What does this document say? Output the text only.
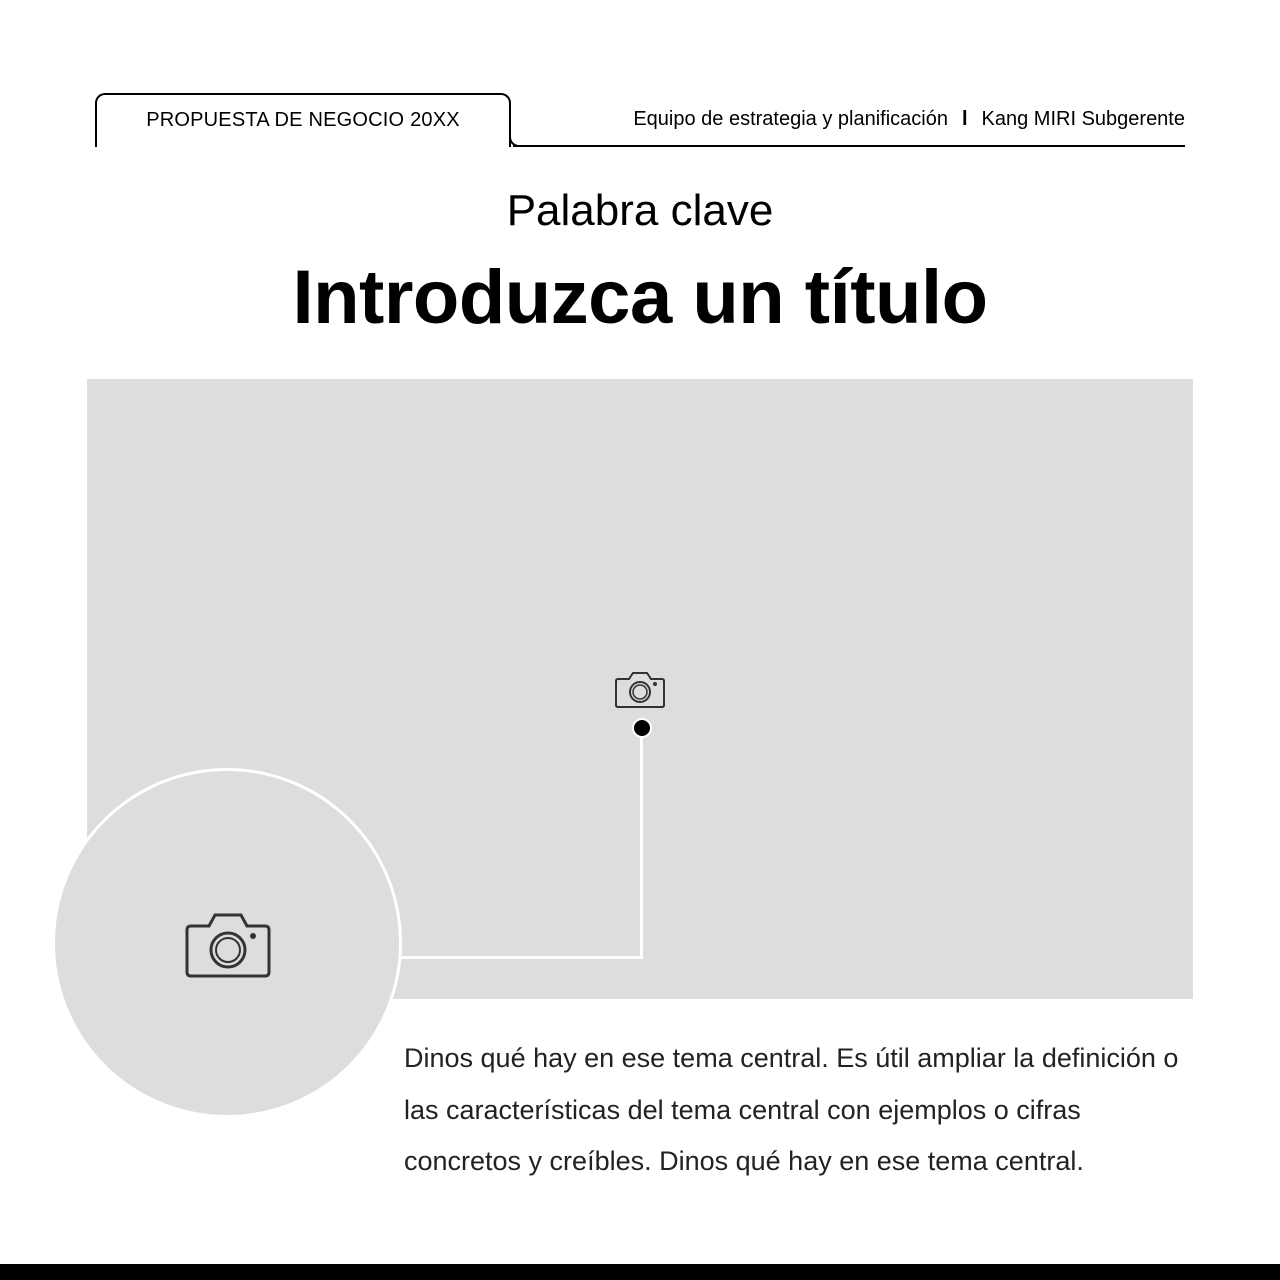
PROPUESTA DE NEGOCIO 20XX	Equipo de estrategia y planificación l Kang MIRI Subgerente
Palabra clave
Introduzca un título
Dinos qué hay en ese tema central. Es útil ampliar la definición o las características del tema central con ejemplos o cifras concretos y creíbles. Dinos qué hay en ese tema central.
